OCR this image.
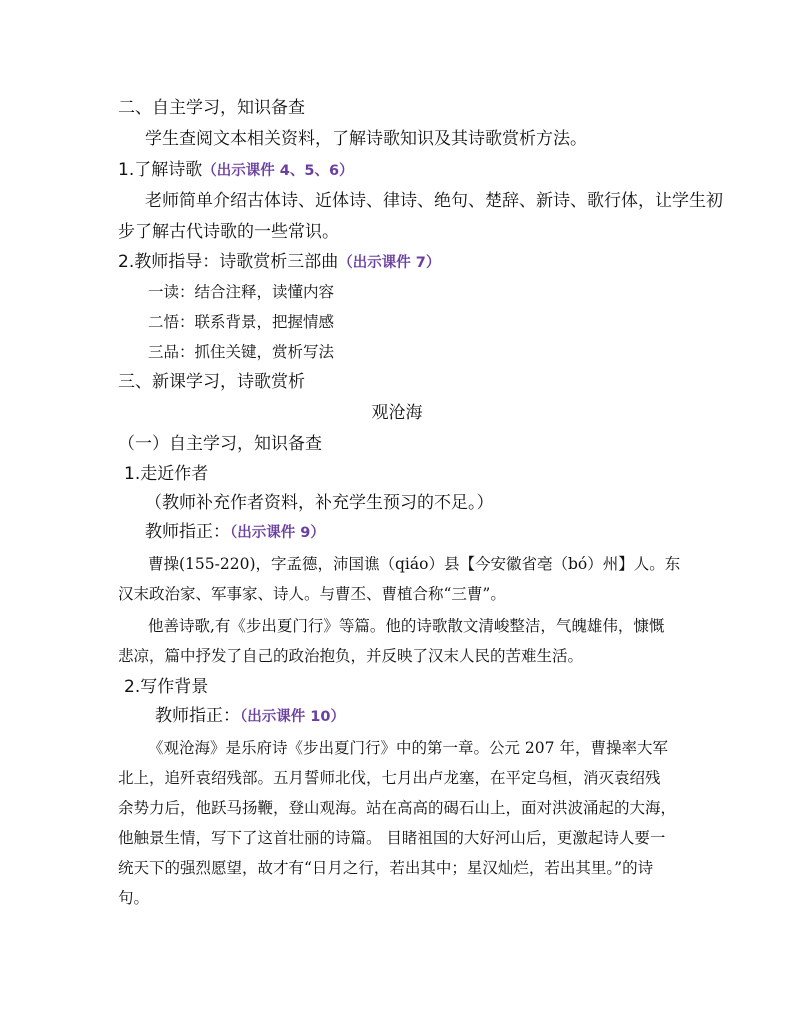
二、自主学习，知识备查
学生查阅文本相关资料，了解诗歌知识及其诗歌赏析方法。
1.了解诗歌（出示课件 4、5、6）
老师简单介绍古体诗、近体诗、律诗、绝句、楚辞、新诗、歌行体，让学生初
步了解古代诗歌的一些常识。
2.教师指导：诗歌赏析三部曲（出示课件 7）
一读：结合注释，读懂内容
二悟：联系背景，把握情感
三品：抓住关键，赏析写法
三、新课学习，诗歌赏析
观沧海
（一）自主学习，知识备查
1.走近作者
（教师补充作者资料，补充学生预习的不足。）
教师指正：（出示课件 9）
曹操(155-220)，字孟德，沛国谯（qiáo）县【今安徽省亳（bó）州】人。东
汉末政治家、军事家、诗人。与曹丕、曹植合称“三曹”。
他善诗歌,有《步出夏门行》等篇。他的诗歌散文清峻整洁，气魄雄伟，慷慨
悲凉，篇中抒发了自己的政治抱负，并反映了汉末人民的苦难生活。
2.写作背景
教师指正：（出示课件 10）
《观沧海》是乐府诗《步出夏门行》中的第一章。公元 207 年，曹操率大军
北上，追歼袁绍残部。五月誓师北伐，七月出卢龙塞，在平定乌桓，消灭袁绍残
余势力后，他跃马扬鞭，登山观海。站在高高的碣石山上，面对洪波涌起的大海，
他触景生情，写下了这首壮丽的诗篇。 目睹祖国的大好河山后，更激起诗人要一
统天下的强烈愿望，故才有“日月之行，若出其中；星汉灿烂，若出其里。”的诗
句。
